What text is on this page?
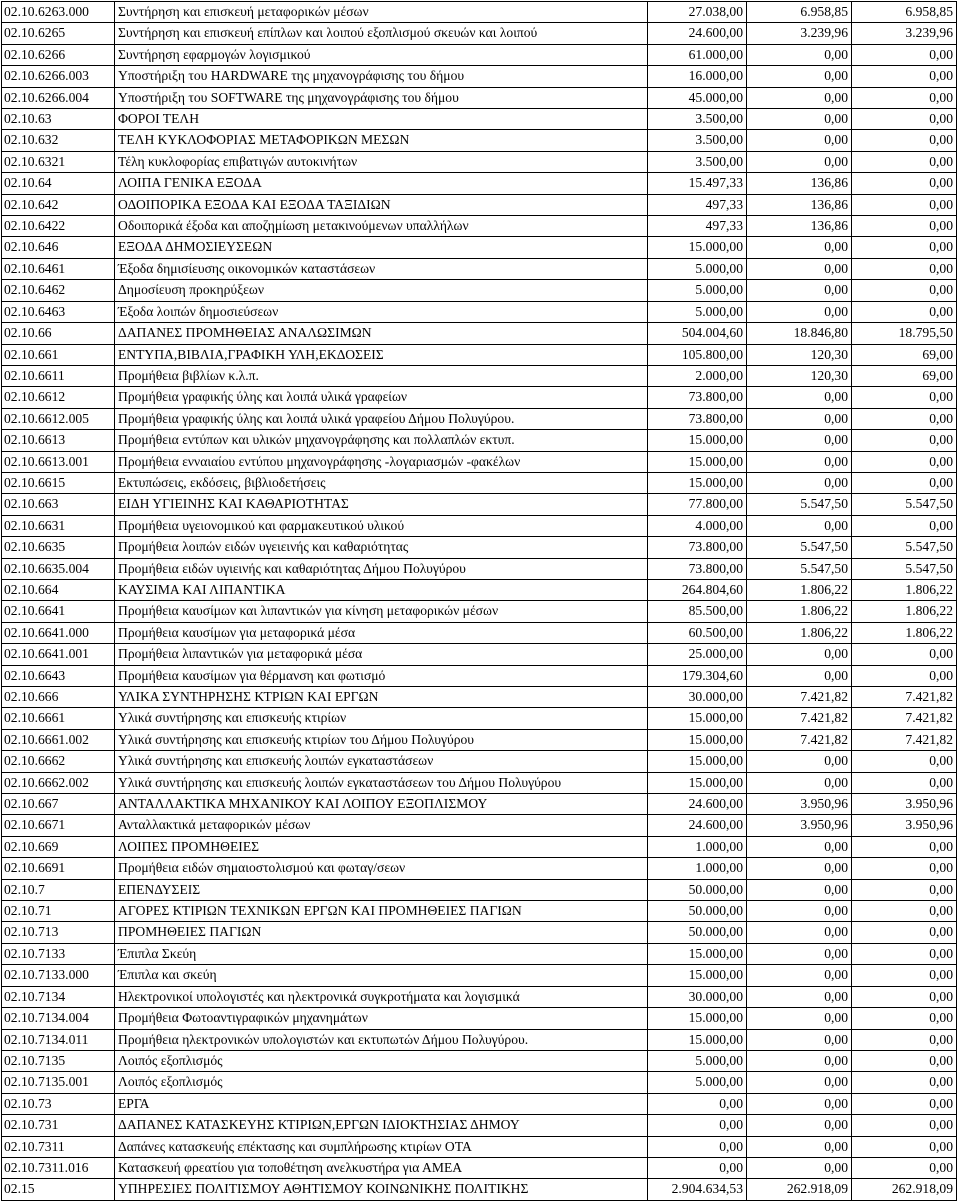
02.10.6263.000	Συντήρηση και επισκευή μεταφορικών μέσων	27.038,00	6.958,85	6.958,85
02.10.6265	Συντήρηση και επισκευή επίπλων και λοιπού εξοπλισμού σκευών και λοιπού	24.600,00	3.239,96	3.239,96
02.10.6266	Συντήρηση εφαρμογών λογισμικού	61.000,00	0,00	0,00
02.10.6266.003	Υποστήριξη του HARDWARE της μηχανογράφισης του δήμου	16.000,00	0,00	0,00
02.10.6266.004	Υποστήριξη του SOFTWARE της μηχανογράφισης του δήμου	45.000,00	0,00	0,00
02.10.63	ΦΟΡΟΙ ΤΕΛΗ	3.500,00	0,00	0,00
02.10.632	ΤΕΛΗ ΚΥΚΛΟΦΟΡΙΑΣ ΜΕΤΑΦΟΡΙΚΩΝ ΜΕΣΩΝ	3.500,00	0,00	0,00
02.10.6321	Τέλη κυκλοφορίας επιβατιγών αυτοκινήτων	3.500,00	0,00	0,00
02.10.64	ΛΟΙΠΑ ΓΕΝΙΚΑ ΕΞΟΔΑ	15.497,33	136,86	0,00
02.10.642	ΟΔΟΙΠΟΡΙΚΑ ΕΞΟΔΑ ΚΑΙ ΕΞΟΔΑ ΤΑΞΙΔΙΩΝ	497,33	136,86	0,00
02.10.6422	Οδοιπορικά έξοδα και αποζημίωση μετακινούμενων υπαλλήλων	497,33	136,86	0,00
02.10.646	ΕΞΟΔΑ ΔΗΜΟΣΙΕΥΣΕΩΝ	15.000,00	0,00	0,00
02.10.6461	Έξοδα δημισίευσης οικονομικών καταστάσεων	5.000,00	0,00	0,00
02.10.6462	Δημοσίευση προκηρύξεων	5.000,00	0,00	0,00
02.10.6463	Έξοδα λοιπών δημοσιεύσεων	5.000,00	0,00	0,00
02.10.66	ΔΑΠΑΝΕΣ ΠΡΟΜΗΘΕΙΑΣ ΑΝΑΛΩΣΙΜΩΝ	504.004,60	18.846,80	18.795,50
02.10.661	ΕΝΤΥΠΑ,ΒΙΒΛΙΑ,ΓΡΑΦΙΚΗ ΥΛΗ,ΕΚΔΟΣΕΙΣ	105.800,00	120,30	69,00
02.10.6611	Προμήθεια βιβλίων κ.λ.π.	2.000,00	120,30	69,00
02.10.6612	Προμήθεια γραφικής ύλης και λοιπά υλικά γραφείων	73.800,00	0,00	0,00
02.10.6612.005	Προμήθεια γραφικής ύλης και λοιπά υλικά γραφείου Δήμου Πολυγύρου.	73.800,00	0,00	0,00
02.10.6613	Προμήθεια εντύπων και υλικών μηχανογράφησης και πολλαπλών εκτυπ.	15.000,00	0,00	0,00
02.10.6613.001	Προμήθεια ενναιαίου εντύπου μηχανογράφησης -λογαριασμών -φακέλων	15.000,00	0,00	0,00
02.10.6615	Εκτυπώσεις, εκδόσεις, βιβλιοδετήσεις	15.000,00	0,00	0,00
02.10.663	ΕΙΔΗ ΥΓΙΕΙΝΗΣ ΚΑΙ ΚΑΘΑΡΙΟΤΗΤΑΣ	77.800,00	5.547,50	5.547,50
02.10.6631	Προμήθεια υγειονομικού και φαρμακευτικού υλικού	4.000,00	0,00	0,00
02.10.6635	Προμήθεια λοιπών ειδών υγειεινής και καθαριότητας	73.800,00	5.547,50	5.547,50
02.10.6635.004	Προμήθεια ειδών υγιεινής και καθαριότητας Δήμου Πολυγύρου	73.800,00	5.547,50	5.547,50
02.10.664	ΚΑΥΣΙΜΑ ΚΑΙ ΛΙΠΑΝΤΙΚΑ	264.804,60	1.806,22	1.806,22
02.10.6641	Προμήθεια καυσίμων και λιπαντικών για κίνηση μεταφορικών μέσων	85.500,00	1.806,22	1.806,22
02.10.6641.000	Προμήθεια καυσίμων για μεταφορικά μέσα	60.500,00	1.806,22	1.806,22
02.10.6641.001	Προμήθεια λιπαντικών για μεταφορικά μέσα	25.000,00	0,00	0,00
02.10.6643	Προμήθεια καυσίμων για θέρμανση και φωτισμό	179.304,60	0,00	0,00
02.10.666	ΥΛΙΚΑ ΣΥΝΤΗΡΗΣΗΣ ΚΤΡΙΩΝ ΚΑΙ ΕΡΓΩΝ	30.000,00	7.421,82	7.421,82
02.10.6661	Υλικά συντήρησης και επισκευής κτιρίων	15.000,00	7.421,82	7.421,82
02.10.6661.002	Υλικά συντήρησης και επισκευής κτιρίων του Δήμου Πολυγύρου	15.000,00	7.421,82	7.421,82
02.10.6662	Υλικά συντήρησης και επισκευής λοιπών εγκαταστάσεων	15.000,00	0,00	0,00
02.10.6662.002	Υλικά συντήρησης και επισκευής λοιπών εγκαταστάσεων του Δήμου Πολυγύρου	15.000,00	0,00	0,00
02.10.667	ΑΝΤΑΛΛΑΚΤΙΚΑ ΜΗΧΑΝΙΚΟΥ ΚΑΙ ΛΟΙΠΟΥ ΕΞΟΠΛΙΣΜΟΥ	24.600,00	3.950,96	3.950,96
02.10.6671	Ανταλλακτικά μεταφορικών μέσων	24.600,00	3.950,96	3.950,96
02.10.669	ΛΟΙΠΕΣ ΠΡΟΜΗΘΕΙΕΣ	1.000,00	0,00	0,00
02.10.6691	Προμήθεια ειδών σημαιοστολισμού και φωταγ/σεων	1.000,00	0,00	0,00
02.10.7	ΕΠΕΝΔΥΣΕΙΣ	50.000,00	0,00	0,00
02.10.71	ΑΓΟΡΕΣ ΚΤΙΡΙΩΝ ΤΕΧΝΙΚΩΝ ΕΡΓΩΝ ΚΑΙ ΠΡΟΜΗΘΕΙΕΣ ΠΑΓΙΩΝ	50.000,00	0,00	0,00
02.10.713	ΠΡΟΜΗΘΕΙΕΣ ΠΑΓΙΩΝ	50.000,00	0,00	0,00
02.10.7133	Έπιπλα Σκεύη	15.000,00	0,00	0,00
02.10.7133.000	Έπιπλα και σκεύη	15.000,00	0,00	0,00
02.10.7134	Ηλεκτρονικοί υπολογιστές και ηλεκτρονικά συγκροτήματα και λογισμικά	30.000,00	0,00	0,00
02.10.7134.004	Προμήθεια Φωτοαντιγραφικών μηχανημάτων	15.000,00	0,00	0,00
02.10.7134.011	Προμήθεια ηλεκτρονικών υπολογιστών και εκτυπωτών Δήμου Πολυγύρου.	15.000,00	0,00	0,00
02.10.7135	Λοιπός εξοπλισμός	5.000,00	0,00	0,00
02.10.7135.001	Λοιπός εξοπλισμός	5.000,00	0,00	0,00
02.10.73	ΕΡΓΑ	0,00	0,00	0,00
02.10.731	ΔΑΠΑΝΕΣ ΚΑΤΑΣΚΕΥΗΣ ΚΤΙΡΙΩΝ,ΕΡΓΩΝ ΙΔΙΟΚΤΗΣΙΑΣ ΔΗΜΟΥ	0,00	0,00	0,00
02.10.7311	Δαπάνες κατασκευής επέκτασης και συμπλήρωσης κτιρίων ΟΤΑ	0,00	0,00	0,00
02.10.7311.016	Κατασκευή φρεατίου για τοποθέτηση ανελκυστήρα για ΑΜΕΑ	0,00	0,00	0,00
02.15	ΥΠΗΡΕΣΙΕΣ ΠΟΛΙΤΙΣΜΟΥ ΑΘΗΤΙΣΜΟΥ ΚΟΙΝΩΝΙΚΗΣ ΠΟΛΙΤΙΚΗΣ	2.904.634,53	262.918,09	262.918,09
